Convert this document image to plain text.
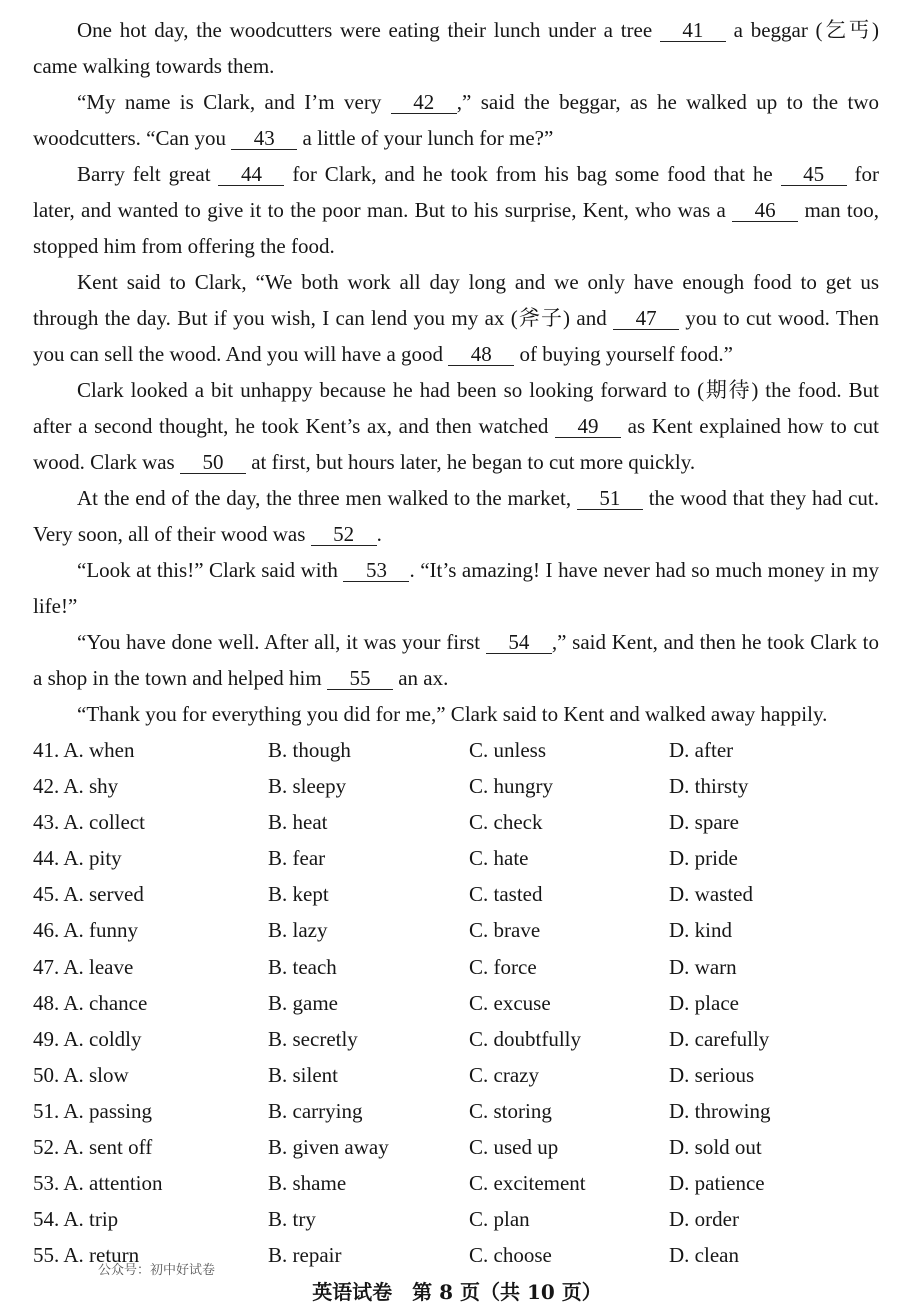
One hot day, the woodcutters were eating their lunch under a tree 41 a beggar (乞丐) came walking towards them.

“My name is Clark, and I’m very 42 ,” said the beggar, as he walked up to the two woodcutters. “Can you 43 a little of your lunch for me?”

Barry felt great 44 for Clark, and he took from his bag some food that he 45 for later, and wanted to give it to the poor man. But to his surprise, Kent, who was a 46 man too, stopped him from offering the food.

Kent said to Clark, “We both work all day long and we only have enough food to get us through the day. But if you wish, I can lend you my ax (斧子) and 47 you to cut wood. Then you can sell the wood. And you will have a good 48 of buying yourself food.”

Clark looked a bit unhappy because he had been so looking forward to (期待) the food. But after a second thought, he took Kent’s ax, and then watched 49 as Kent explained how to cut wood. Clark was 50 at first, but hours later, he began to cut more quickly.

At the end of the day, the three men walked to the market, 51 the wood that they had cut. Very soon, all of their wood was 52 .

“Look at this!” Clark said with 53 . “It’s amazing! I have never had so much money in my life!”

“You have done well. After all, it was your first 54 ,” said Kent, and then he took Clark to a shop in the town and helped him 55 an ax.

“Thank you for everything you did for me,” Clark said to Kent and walked away happily.

41. A. when	B. though	C. unless	D. after
42. A. shy	B. sleepy	C. hungry	D. thirsty
43. A. collect	B. heat	C. check	D. spare
44. A. pity	B. fear	C. hate	D. pride
45. A. served	B. kept	C. tasted	D. wasted
46. A. funny	B. lazy	C. brave	D. kind
47. A. leave	B. teach	C. force	D. warn
48. A. chance	B. game	C. excuse	D. place
49. A. coldly	B. secretly	C. doubtfully	D. carefully
50. A. slow	B. silent	C. crazy	D. serious
51. A. passing	B. carrying	C. storing	D. throwing
52. A. sent off	B. given away	C. used up	D. sold out
53. A. attention	B. shame	C. excitement	D. patience
54. A. trip	B. try	C. plan	D. order
55. A. return	B. repair	C. choose	D. clean
公众号：初中好试卷
英语试卷　第 8 页（共 10 页）
